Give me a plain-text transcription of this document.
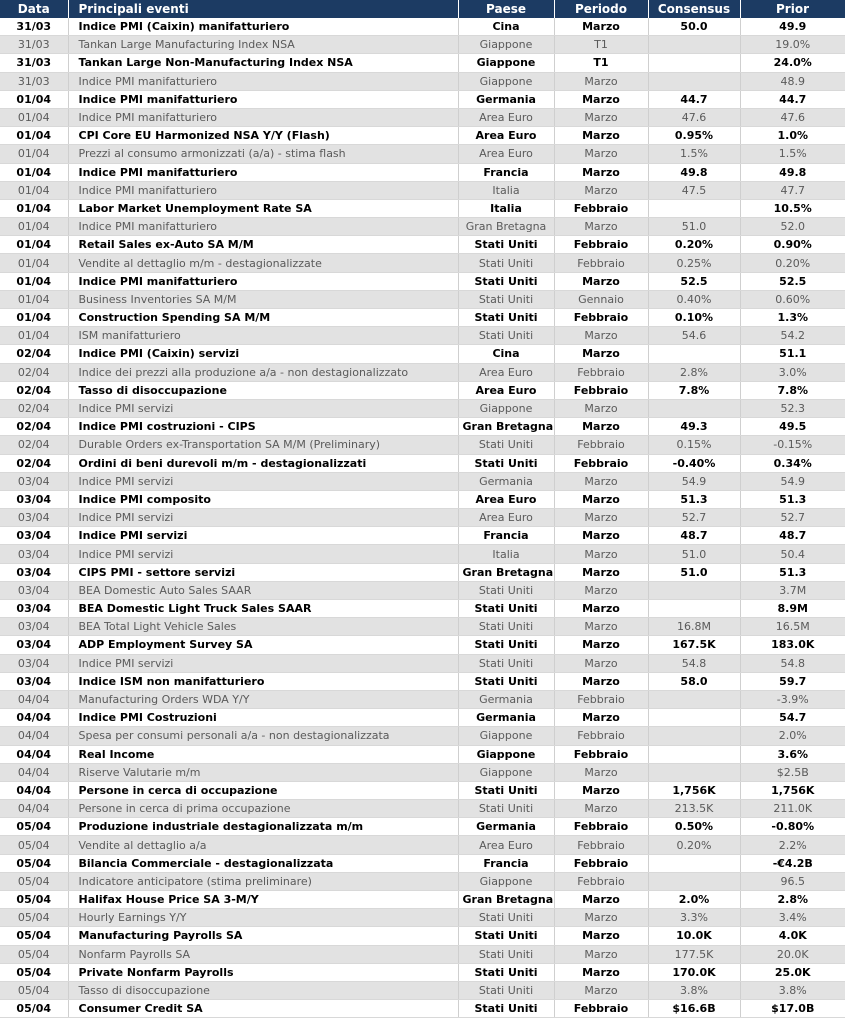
Data	Principali eventi	Paese	Periodo	Consensus	Prior
31/03	Indice PMI (Caixin) manifatturiero	Cina	Marzo	50.0	49.9
31/03	Tankan Large Manufacturing Index NSA	Giappone	T1		19.0%
31/03	Tankan Large Non-Manufacturing Index NSA	Giappone	T1		24.0%
31/03	Indice PMI manifatturiero	Giappone	Marzo		48.9
01/04	Indice PMI manifatturiero	Germania	Marzo	44.7	44.7
01/04	Indice PMI manifatturiero	Area Euro	Marzo	47.6	47.6
01/04	CPI Core EU Harmonized NSA Y/Y (Flash)	Area Euro	Marzo	0.95%	1.0%
01/04	Prezzi al consumo armonizzati (a/a) - stima flash	Area Euro	Marzo	1.5%	1.5%
01/04	Indice PMI manifatturiero	Francia	Marzo	49.8	49.8
01/04	Indice PMI manifatturiero	Italia	Marzo	47.5	47.7
01/04	Labor Market Unemployment Rate SA	Italia	Febbraio		10.5%
01/04	Indice PMI manifatturiero	Gran Bretagna	Marzo	51.0	52.0
01/04	Retail Sales ex-Auto SA M/M	Stati Uniti	Febbraio	0.20%	0.90%
01/04	Vendite al dettaglio m/m - destagionalizzate	Stati Uniti	Febbraio	0.25%	0.20%
01/04	Indice PMI manifatturiero	Stati Uniti	Marzo	52.5	52.5
01/04	Business Inventories SA M/M	Stati Uniti	Gennaio	0.40%	0.60%
01/04	Construction Spending SA M/M	Stati Uniti	Febbraio	0.10%	1.3%
01/04	ISM manifatturiero	Stati Uniti	Marzo	54.6	54.2
02/04	Indice PMI (Caixin) servizi	Cina	Marzo		51.1
02/04	Indice dei prezzi alla produzione a/a - non destagionalizzato	Area Euro	Febbraio	2.8%	3.0%
02/04	Tasso di disoccupazione	Area Euro	Febbraio	7.8%	7.8%
02/04	Indice PMI servizi	Giappone	Marzo		52.3
02/04	Indice PMI costruzioni - CIPS	Gran Bretagna	Marzo	49.3	49.5
02/04	Durable Orders ex-Transportation SA M/M (Preliminary)	Stati Uniti	Febbraio	0.15%	-0.15%
02/04	Ordini di beni durevoli m/m - destagionalizzati	Stati Uniti	Febbraio	-0.40%	0.34%
03/04	Indice PMI servizi	Germania	Marzo	54.9	54.9
03/04	Indice PMI composito	Area Euro	Marzo	51.3	51.3
03/04	Indice PMI servizi	Area Euro	Marzo	52.7	52.7
03/04	Indice PMI servizi	Francia	Marzo	48.7	48.7
03/04	Indice PMI servizi	Italia	Marzo	51.0	50.4
03/04	CIPS PMI - settore servizi	Gran Bretagna	Marzo	51.0	51.3
03/04	BEA Domestic Auto Sales SAAR	Stati Uniti	Marzo		3.7M
03/04	BEA Domestic Light Truck Sales SAAR	Stati Uniti	Marzo		8.9M
03/04	BEA Total Light Vehicle Sales	Stati Uniti	Marzo	16.8M	16.5M
03/04	ADP Employment Survey SA	Stati Uniti	Marzo	167.5K	183.0K
03/04	Indice PMI servizi	Stati Uniti	Marzo	54.8	54.8
03/04	Indice ISM non manifatturiero	Stati Uniti	Marzo	58.0	59.7
04/04	Manufacturing Orders WDA Y/Y	Germania	Febbraio		-3.9%
04/04	Indice PMI Costruzioni	Germania	Marzo		54.7
04/04	Spesa per consumi personali a/a - non destagionalizzata	Giappone	Febbraio		2.0%
04/04	Real Income	Giappone	Febbraio		3.6%
04/04	Riserve Valutarie m/m	Giappone	Marzo		$2.5B
04/04	Persone in cerca di occupazione	Stati Uniti	Marzo	1,756K	1,756K
04/04	Persone in cerca di prima occupazione	Stati Uniti	Marzo	213.5K	211.0K
05/04	Produzione industriale destagionalizzata m/m	Germania	Febbraio	0.50%	-0.80%
05/04	Vendite al dettaglio a/a	Area Euro	Febbraio	0.20%	2.2%
05/04	Bilancia Commerciale - destagionalizzata	Francia	Febbraio		-€4.2B
05/04	Indicatore anticipatore (stima preliminare)	Giappone	Febbraio		96.5
05/04	Halifax House Price SA 3-M/Y	Gran Bretagna	Marzo	2.0%	2.8%
05/04	Hourly Earnings Y/Y	Stati Uniti	Marzo	3.3%	3.4%
05/04	Manufacturing Payrolls SA	Stati Uniti	Marzo	10.0K	4.0K
05/04	Nonfarm Payrolls SA	Stati Uniti	Marzo	177.5K	20.0K
05/04	Private Nonfarm Payrolls	Stati Uniti	Marzo	170.0K	25.0K
05/04	Tasso di disoccupazione	Stati Uniti	Marzo	3.8%	3.8%
05/04	Consumer Credit SA	Stati Uniti	Febbraio	$16.6B	$17.0B
